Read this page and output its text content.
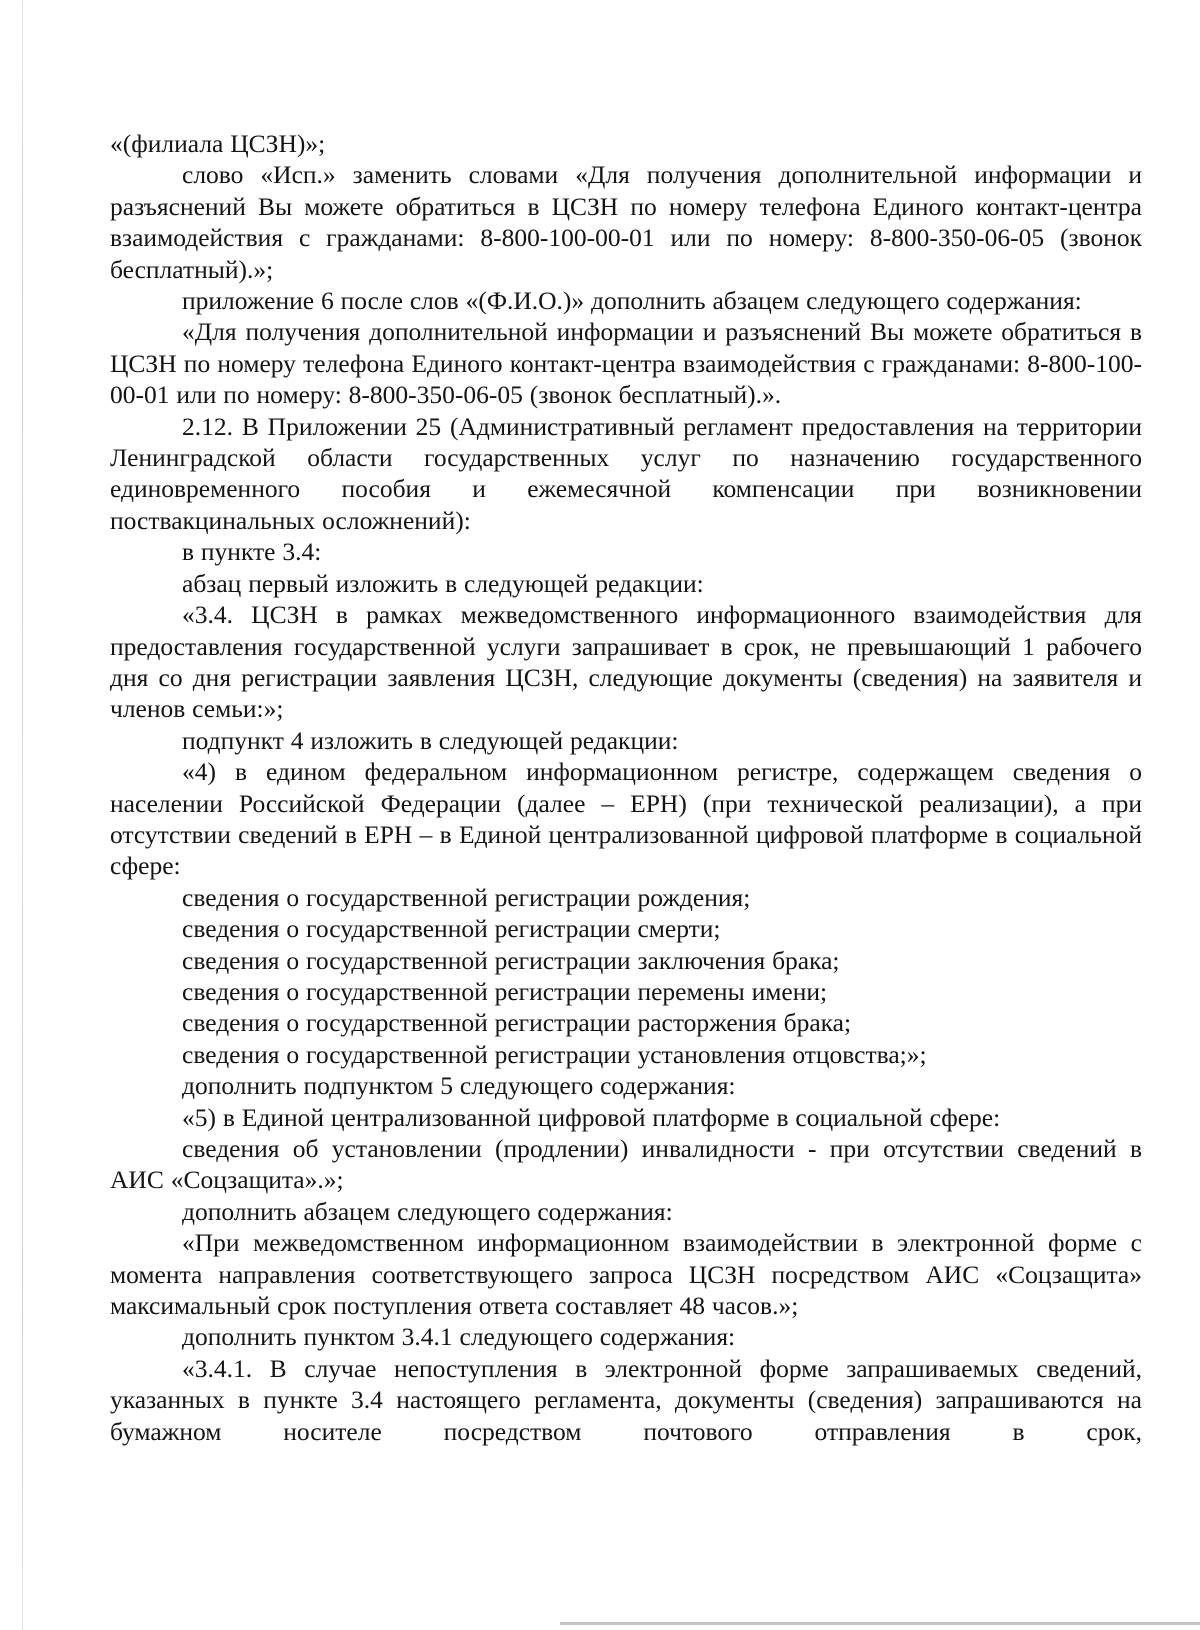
«(филиала ЦСЗН)»;

слово «Исп.» заменить словами «Для получения дополнительной информации и разъяснений Вы можете обратиться в ЦСЗН по номеру телефона Единого контакт-центра взаимодействия с гражданами: 8-800-100-00-01 или по номеру: 8-800-350-06-05 (звонок бесплатный).»;

приложение 6 после слов «(Ф.И.О.)» дополнить абзацем следующего содержания:

«Для получения дополнительной информации и разъяснений Вы можете обратиться в ЦСЗН по номеру телефона Единого контакт-центра взаимодействия с гражданами: 8-800-100-00-01 или по номеру: 8-800-350-06-05 (звонок бесплатный).».

2.12. В Приложении 25 (Административный регламент предоставления на территории Ленинградской области государственных услуг по назначению государственного единовременного пособия и ежемесячной компенсации при возникновении поствакцинальных осложнений):

в пункте 3.4:

абзац первый изложить в следующей редакции:

«3.4. ЦСЗН в рамках межведомственного информационного взаимодействия для предоставления государственной услуги запрашивает в срок, не превышающий 1 рабочего дня со дня регистрации заявления ЦСЗН, следующие документы (сведения) на заявителя и членов семьи:»;

подпункт 4 изложить в следующей редакции:

«4) в едином федеральном информационном регистре, содержащем сведения о населении Российской Федерации (далее – ЕРН) (при технической реализации), а при отсутствии сведений в ЕРН – в Единой централизованной цифровой платформе в социальной сфере:

сведения о государственной регистрации рождения;

сведения о государственной регистрации смерти;

сведения о государственной регистрации заключения брака;

сведения о государственной регистрации перемены имени;

сведения о государственной регистрации расторжения брака;

сведения о государственной регистрации установления отцовства;»;

дополнить подпунктом 5 следующего содержания:

«5) в Единой централизованной цифровой платформе в социальной сфере:

сведения об установлении (продлении) инвалидности - при отсутствии сведений в АИС «Соцзащита».»;

дополнить абзацем следующего содержания:

«При межведомственном информационном взаимодействии в электронной форме с момента направления соответствующего запроса ЦСЗН посредством АИС «Соцзащита» максимальный срок поступления ответа составляет 48 часов.»;

дополнить пунктом 3.4.1 следующего содержания:

«3.4.1. В случае непоступления в электронной форме запрашиваемых сведений, указанных в пункте 3.4 настоящего регламента, документы (сведения) запрашиваются на бумажном носителе посредством почтового отправления в срок,
